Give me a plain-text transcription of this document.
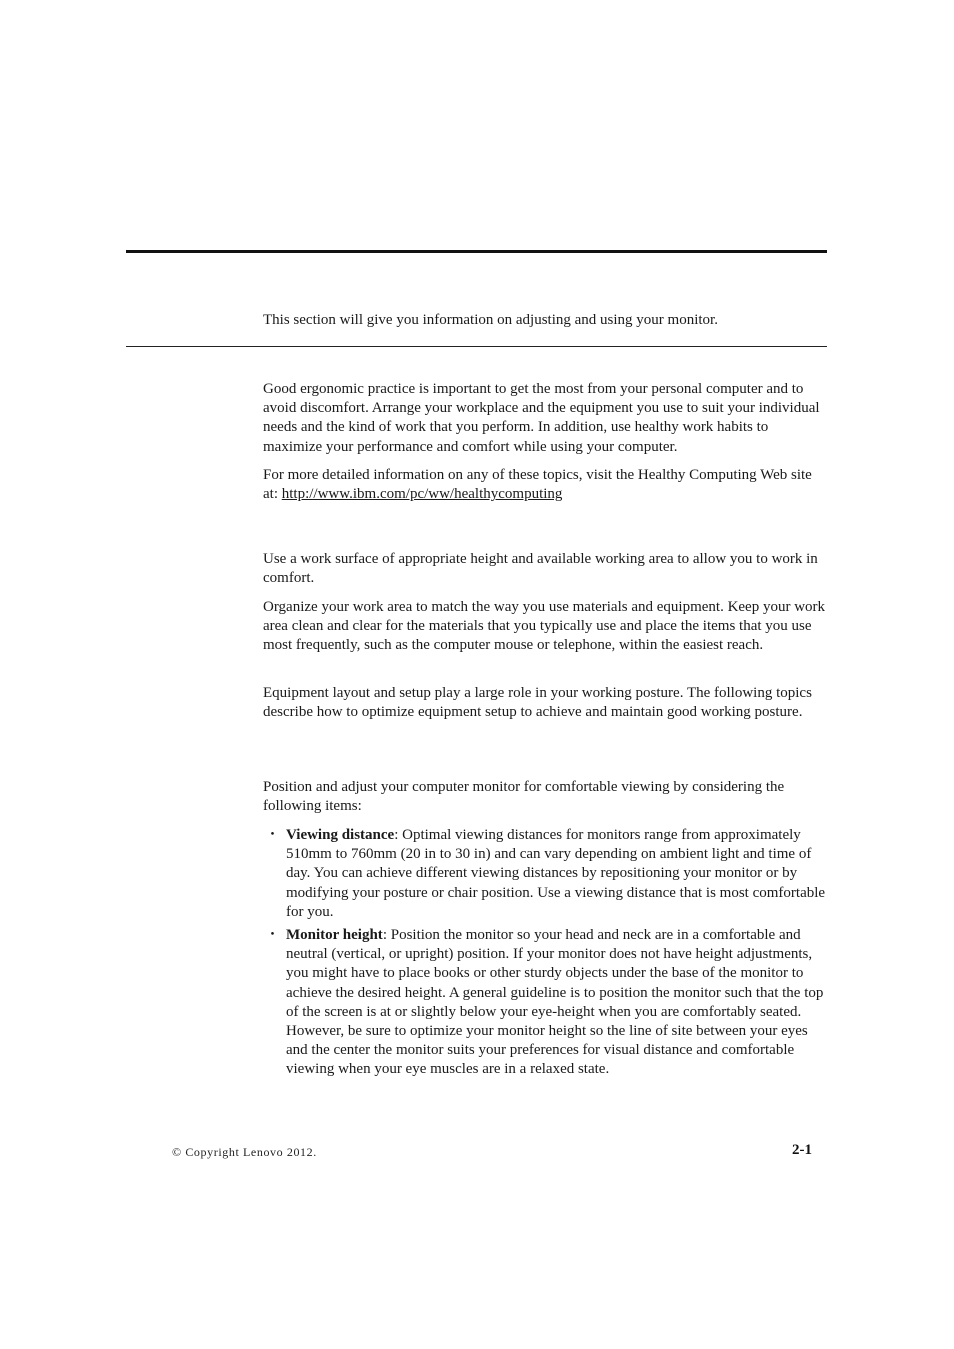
This section will give you information on adjusting and using your monitor.

Good ergonomic practice is important to get the most from your personal computer and to avoid discomfort. Arrange your workplace and the equipment you use to suit your individual needs and the kind of work that you perform. In addition, use healthy work habits to maximize your performance and comfort while using your computer.

For more detailed information on any of these topics, visit the Healthy Computing Web site at: http://www.ibm.com/pc/ww/healthycomputing

Use a work surface of appropriate height and available working area to allow you to work in comfort.

Organize your work area to match the way you use materials and equipment. Keep your work area clean and clear for the materials that you typically use and place the items that you use most frequently, such as the computer mouse or telephone, within the easiest reach.

Equipment layout and setup play a large role in your working posture. The following topics describe how to optimize equipment setup to achieve and maintain good working posture.

Position and adjust your computer monitor for comfortable viewing by considering the following items:

・ Viewing distance: Optimal viewing distances for monitors range from approximately 510mm to 760mm (20 in to 30 in) and can vary depending on ambient light and time of day. You can achieve different viewing distances by repositioning your monitor or by modifying your posture or chair position. Use a viewing distance that is most comfortable for you.
・ Monitor height: Position the monitor so your head and neck are in a comfortable and neutral (vertical, or upright) position. If your monitor does not have height adjustments, you might have to place books or other sturdy objects under the base of the monitor to achieve the desired height. A general guideline is to position the monitor such that the top of the screen is at or slightly below your eye-height when you are comfortably seated. However, be sure to optimize your monitor height so the line of site between your eyes and the center the monitor suits your preferences for visual distance and comfortable viewing when your eye muscles are in a relaxed state.
© Copyright Lenovo 2012.	2-1
